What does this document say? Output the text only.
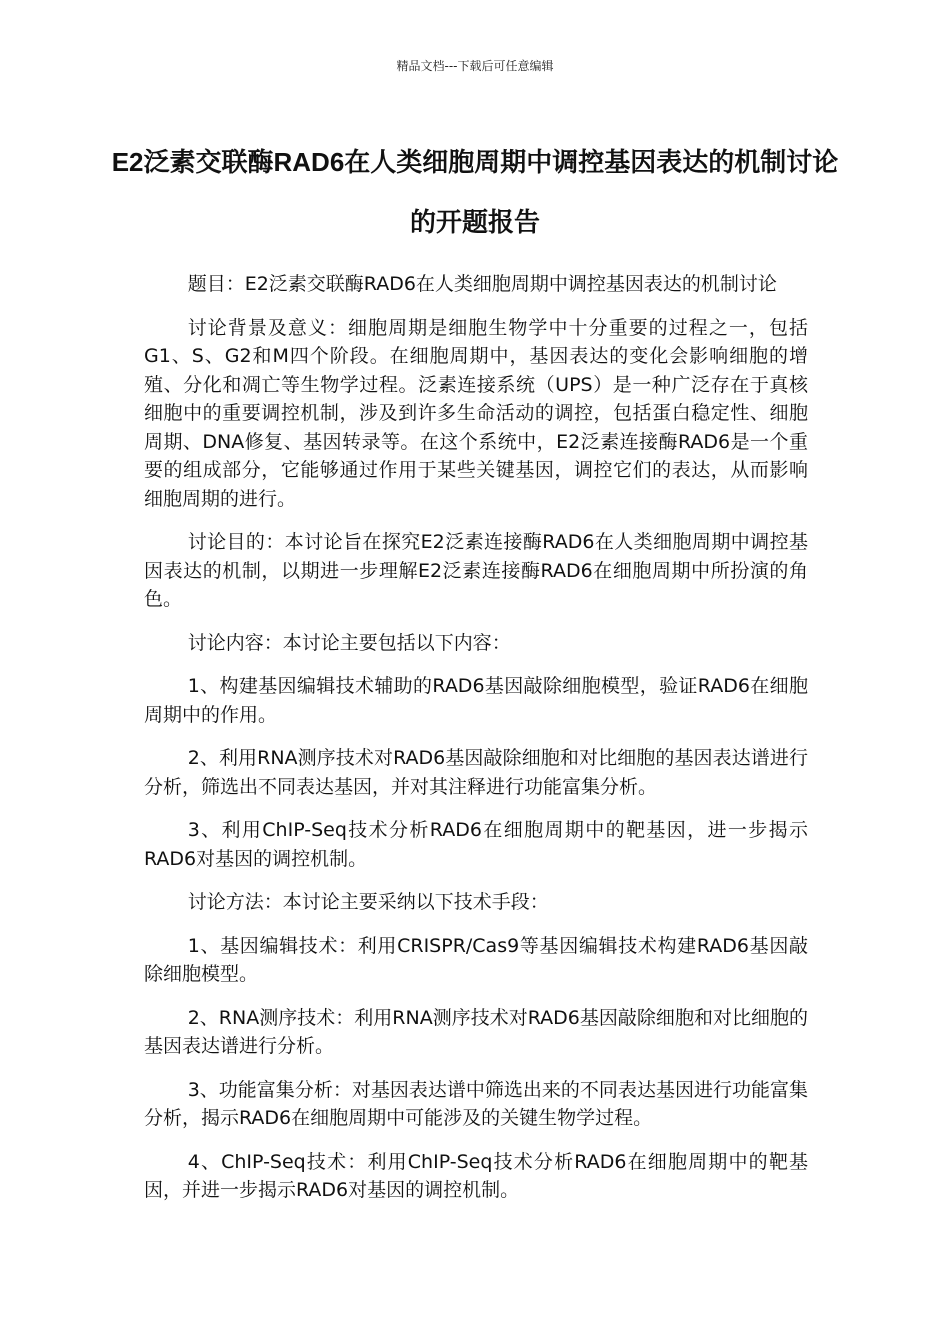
精品文档---下载后可任意编辑
E2泛素交联酶RAD6在人类细胞周期中调控基因表达的机制讨论的开题报告

题目：E2泛素交联酶RAD6在人类细胞周期中调控基因表达的机制讨论

讨论背景及意义：细胞周期是细胞生物学中十分重要的过程之一，包括G1、S、G2和M四个阶段。在细胞周期中，基因表达的变化会影响细胞的增殖、分化和凋亡等生物学过程。泛素连接系统（UPS）是一种广泛存在于真核细胞中的重要调控机制，涉及到许多生命活动的调控，包括蛋白稳定性、细胞周期、DNA修复、基因转录等。在这个系统中，E2泛素连接酶RAD6是一个重要的组成部分，它能够通过作用于某些关键基因，调控它们的表达，从而影响细胞周期的进行。

讨论目的：本讨论旨在探究E2泛素连接酶RAD6在人类细胞周期中调控基因表达的机制，以期进一步理解E2泛素连接酶RAD6在细胞周期中所扮演的角色。

讨论内容：本讨论主要包括以下内容：

1、构建基因编辑技术辅助的RAD6基因敲除细胞模型，验证RAD6在细胞周期中的作用。

2、利用RNA测序技术对RAD6基因敲除细胞和对比细胞的基因表达谱进行分析，筛选出不同表达基因，并对其注释进行功能富集分析。

3、利用ChIP-Seq技术分析RAD6在细胞周期中的靶基因，进一步揭示RAD6对基因的调控机制。

讨论方法：本讨论主要采纳以下技术手段：

1、基因编辑技术：利用CRISPR/Cas9等基因编辑技术构建RAD6基因敲除细胞模型。

2、RNA测序技术：利用RNA测序技术对RAD6基因敲除细胞和对比细胞的基因表达谱进行分析。

3、功能富集分析：对基因表达谱中筛选出来的不同表达基因进行功能富集分析，揭示RAD6在细胞周期中可能涉及的关键生物学过程。

4、ChIP-Seq技术：利用ChIP-Seq技术分析RAD6在细胞周期中的靶基因，并进一步揭示RAD6对基因的调控机制。
